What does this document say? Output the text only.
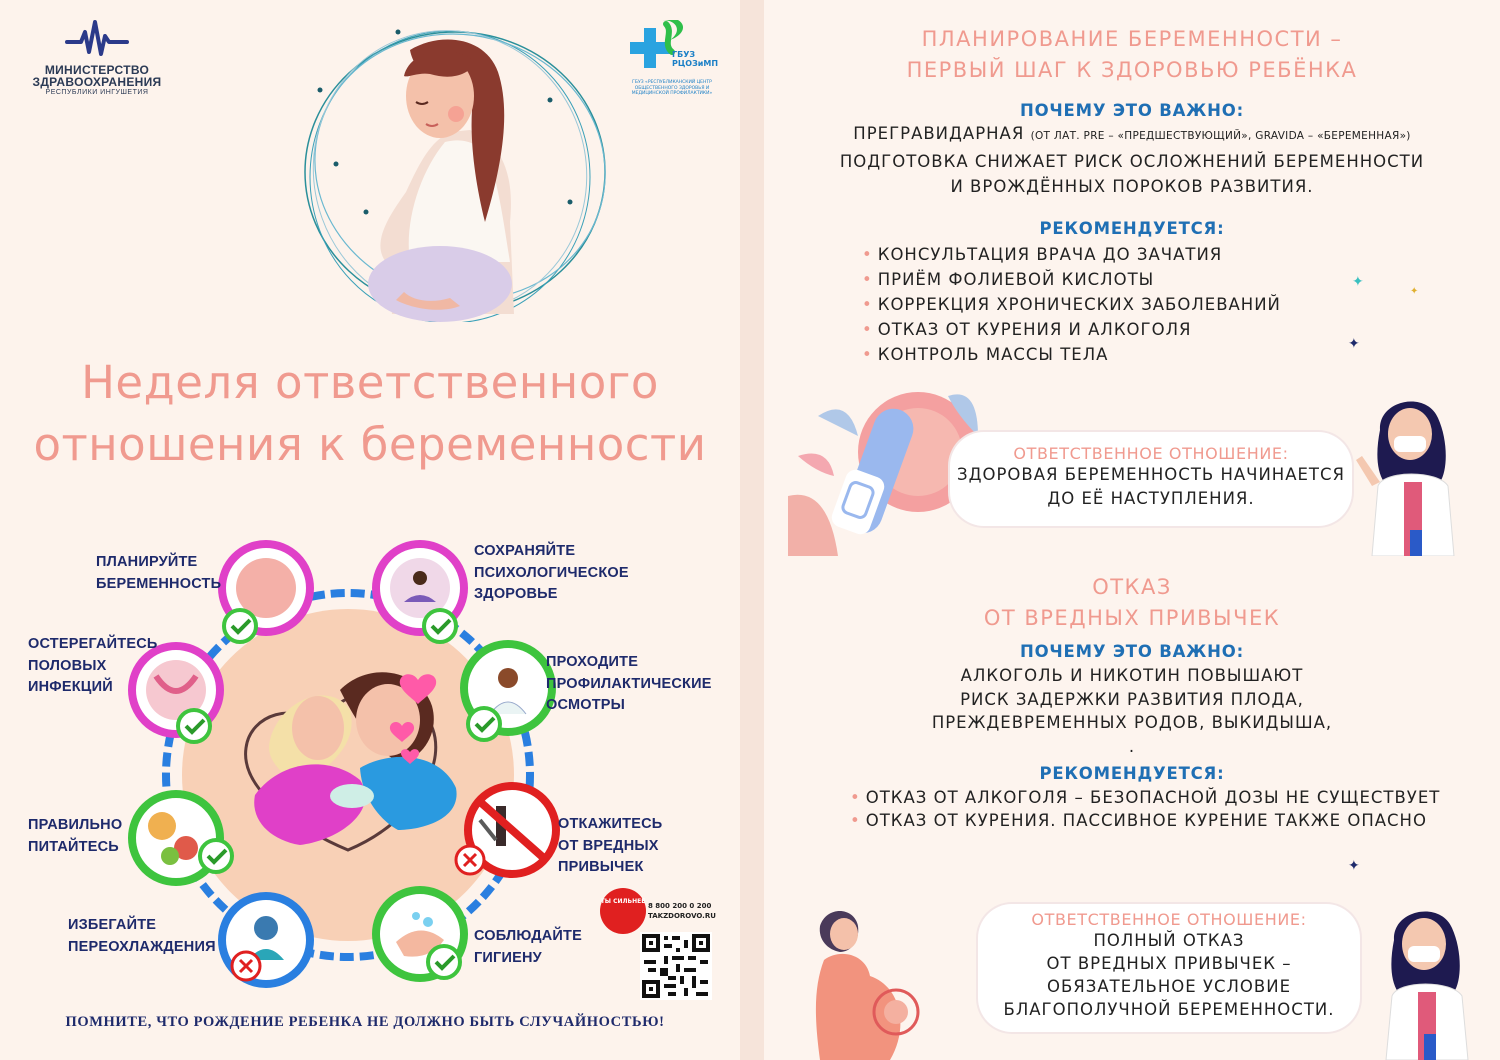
МИНИСТЕРСТВО
ЗДРАВООХРАНЕНИЯ
РЕСПУБЛИКИ ИНГУШЕТИЯ
ГБУЗ
РЦОЗиМП
ГБУЗ «РЕСПУБЛИКАНСКИЙ ЦЕНТР ОБЩЕСТВЕННОГО ЗДОРОВЬЯ И МЕДИЦИНСКОЙ ПРОФИЛАКТИКИ»
Неделя ответственного
отношения к беременности
ПЛАНИРУЙТЕ
БЕРЕМЕННОСТЬ
СОХРАНЯЙТЕ
ПСИХОЛОГИЧЕСКОЕ
ЗДОРОВЬЕ
ОСТЕРЕГАЙТЕСЬ
ПОЛОВЫХ
ИНФЕКЦИЙ
ПРОХОДИТЕ
ПРОФИЛАКТИЧЕСКИЕ
ОСМОТРЫ
ПРАВИЛЬНО
ПИТАЙТЕСЬ
ОТКАЖИТЕСЬ
ОТ ВРЕДНЫХ
ПРИВЫЧЕК
ИЗБЕГАЙТЕ
ПЕРЕОХЛАЖДЕНИЯ
СОБЛЮДАЙТЕ
ГИГИЕНУ
ТЫ СИЛЬНЕЕ
8 800 200 0 200
TAKZDOROVO.RU
ПОМНИТЕ, ЧТО РОЖДЕНИЕ РЕБЕНКА НЕ ДОЛЖНО БЫТЬ СЛУЧАЙНОСТЬЮ!
ПЛАНИРОВАНИЕ БЕРЕМЕННОСТИ –
ПЕРВЫЙ ШАГ К ЗДОРОВЬЮ РЕБЁНКА
ПОЧЕМУ ЭТО ВАЖНО:
ПРЕГРАВИДАРНАЯ (ОТ ЛАТ. PRE – «ПРЕДШЕСТВУЮЩИЙ», GRAVIDA – «БЕРЕМЕННАЯ»)
ПОДГОТОВКА СНИЖАЕТ РИСК ОСЛОЖНЕНИЙ БЕРЕМЕННОСТИ
И ВРОЖДЁННЫХ ПОРОКОВ РАЗВИТИЯ.
РЕКОМЕНДУЕТСЯ:
• КОНСУЛЬТАЦИЯ ВРАЧА ДО ЗАЧАТИЯ
• ПРИЁМ ФОЛИЕВОЙ КИСЛОТЫ
• КОРРЕКЦИЯ ХРОНИЧЕСКИХ ЗАБОЛЕВАНИЙ
• ОТКАЗ ОТ КУРЕНИЯ И АЛКОГОЛЯ
• КОНТРОЛЬ МАССЫ ТЕЛА
✦
✦
✦
ОТВЕТСТВЕННОЕ ОТНОШЕНИЕ:
ЗДОРОВАЯ БЕРЕМЕННОСТЬ НАЧИНАЕТСЯ
ДО ЕЁ НАСТУПЛЕНИЯ.
ОТКАЗ
ОТ ВРЕДНЫХ ПРИВЫЧЕК
ПОЧЕМУ ЭТО ВАЖНО:
АЛКОГОЛЬ И НИКОТИН ПОВЫШАЮТ
РИСК ЗАДЕРЖКИ РАЗВИТИЯ ПЛОДА,
ПРЕЖДЕВРЕМЕННЫХ РОДОВ, ВЫКИДЫША,
.
РЕКОМЕНДУЕТСЯ:
• ОТКАЗ ОТ АЛКОГОЛЯ – БЕЗОПАСНОЙ ДОЗЫ НЕ СУЩЕСТВУЕТ
• ОТКАЗ ОТ КУРЕНИЯ. ПАССИВНОЕ КУРЕНИЕ ТАКЖЕ ОПАСНО
✦
ОТВЕТСТВЕННОЕ ОТНОШЕНИЕ:
ПОЛНЫЙ ОТКАЗ
ОТ ВРЕДНЫХ ПРИВЫЧЕК –
ОБЯЗАТЕЛЬНОЕ УСЛОВИЕ
БЛАГОПОЛУЧНОЙ БЕРЕМЕННОСТИ.
